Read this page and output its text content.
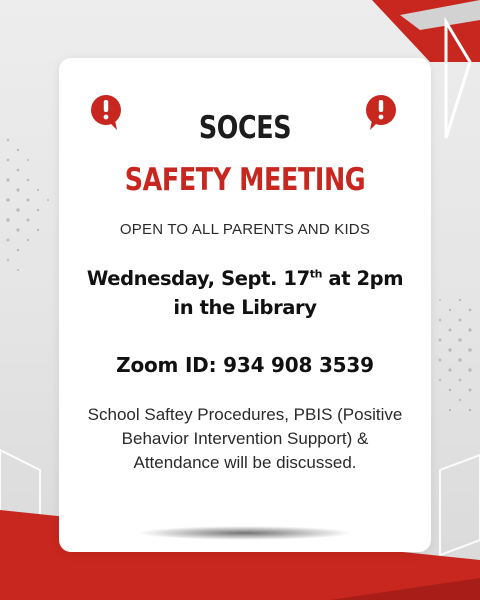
SOCES
SAFETY MEETING
OPEN TO ALL PARENTS AND KIDS
Wednesday, Sept. 17th at 2pm
in the Library
Zoom ID: 934 908 3539
School Saftey Procedures, PBIS (Positive Behavior Intervention Support) & Attendance will be discussed.
